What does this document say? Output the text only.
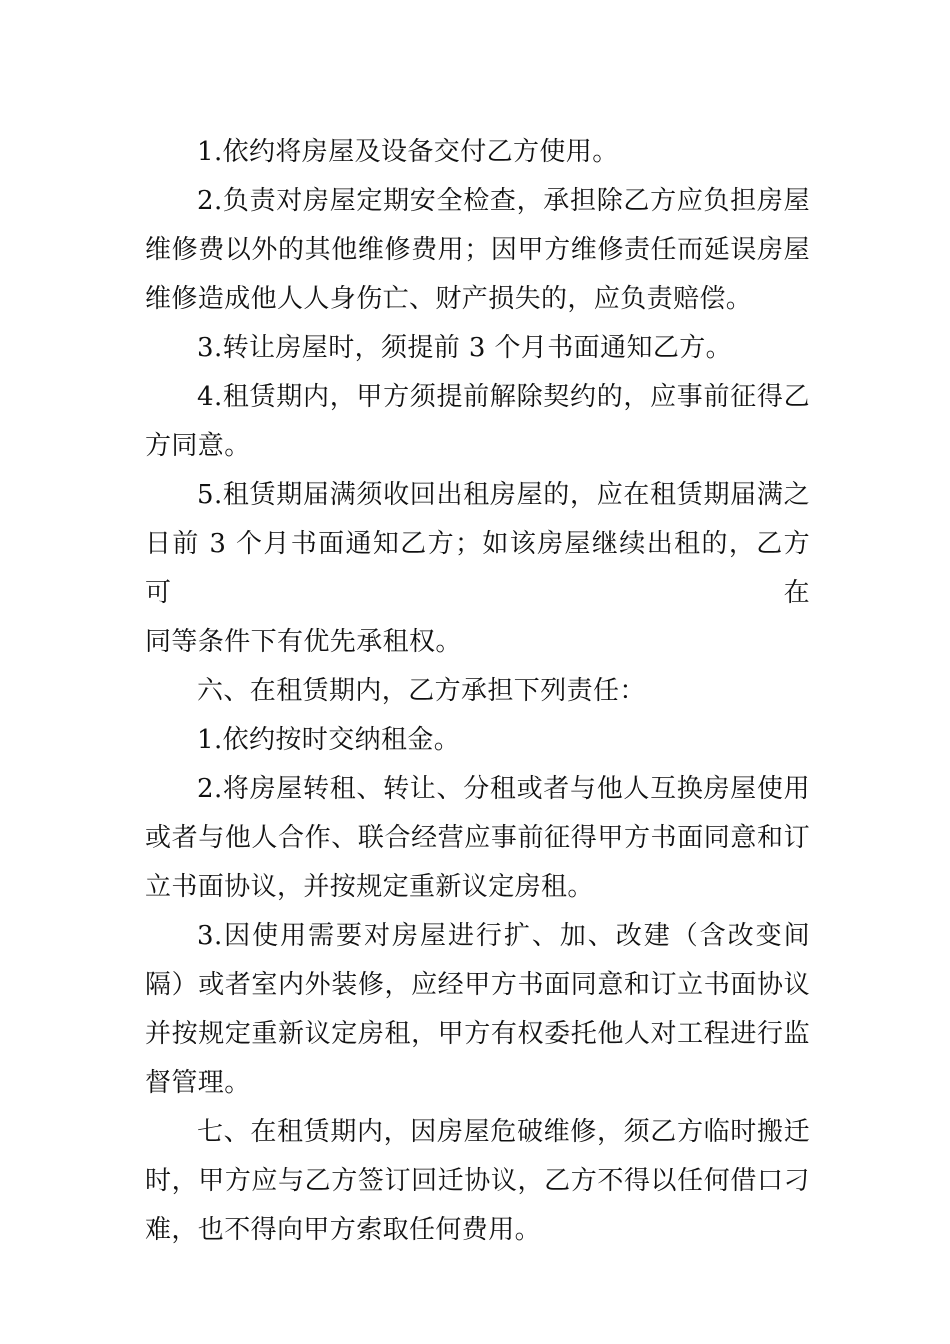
1.依约将房屋及设备交付乙方使用。

2.负责对房屋定期安全检查，承担除乙方应负担房屋
维修费以外的其他维修费用；因甲方维修责任而延误房屋
维修造成他人人身伤亡、财产损失的，应负责赔偿。

3.转让房屋时，须提前 3 个月书面通知乙方。

4.租赁期内，甲方须提前解除契约的，应事前征得乙
方同意。

5.租赁期届满须收回出租房屋的，应在租赁期届满之
日前 3 个月书面通知乙方；如该房屋继续出租的，乙方可在
同等条件下有优先承租权。

六、在租赁期内，乙方承担下列责任：

1.依约按时交纳租金。

2.将房屋转租、转让、分租或者与他人互换房屋使用
或者与他人合作、联合经营应事前征得甲方书面同意和订
立书面协议，并按规定重新议定房租。

3.因使用需要对房屋进行扩、加、改建（含改变间
隔）或者室内外装修，应经甲方书面同意和订立书面协议
并按规定重新议定房租，甲方有权委托他人对工程进行监
督管理。

七、在租赁期内，因房屋危破维修，须乙方临时搬迁
时，甲方应与乙方签订回迁协议，乙方不得以任何借口刁
难，也不得向甲方索取任何费用。
